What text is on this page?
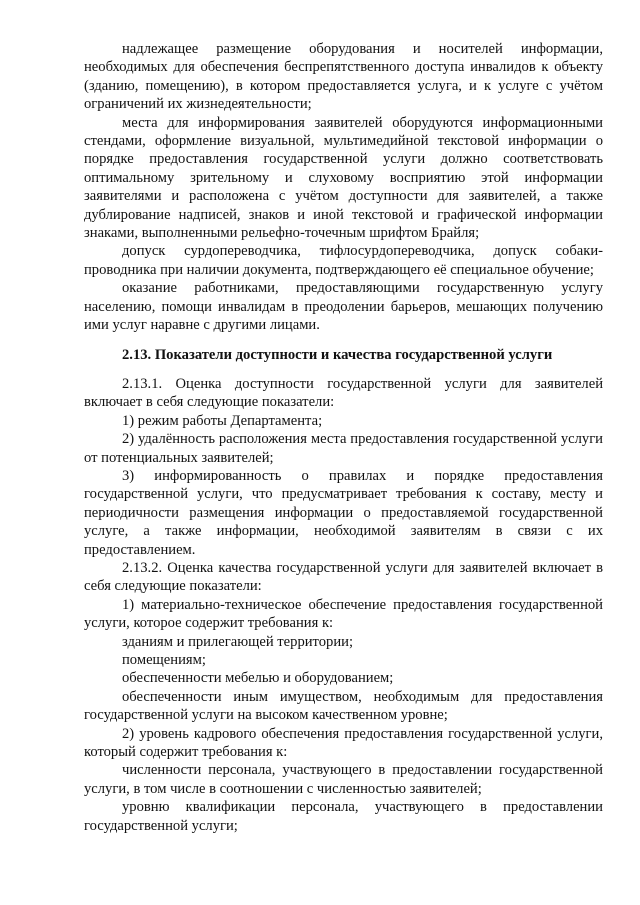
надлежащее размещение оборудования и носителей информации, необходимых для обеспечения беспрепятственного доступа инвалидов к объекту (зданию, помещению), в котором предоставляется услуга, и к услуге с учётом ограничений их жизнедеятельности;

места для информирования заявителей оборудуются информационными стендами, оформление визуальной, мультимедийной текстовой информации о порядке предоставления государственной услуги должно соответствовать оптимальному зрительному и слуховому восприятию этой информации заявителями и расположена с учётом доступности для заявителей, а также дублирование надписей, знаков и иной текстовой и графической информации знаками, выполненными рельефно-точечным шрифтом Брайля;

допуск сурдопереводчика, тифлосурдопереводчика, допуск собаки-проводника при наличии документа, подтверждающего её специальное обучение;

оказание работниками, предоставляющими государственную услугу населению, помощи инвалидам в преодолении барьеров, мешающих получению ими услуг наравне с другими лицами.

2.13. Показатели доступности и качества государственной услуги

2.13.1. Оценка доступности государственной услуги для заявителей включает в себя следующие показатели:

1) режим работы Департамента;

2) удалённость расположения места предоставления государственной услуги от потенциальных заявителей;

3) информированность о правилах и порядке предоставления государственной услуги, что предусматривает требования к составу, месту и периодичности размещения информации о предоставляемой государственной услуге, а также информации, необходимой заявителям в связи с их предоставлением.

2.13.2. Оценка качества государственной услуги для заявителей включает в себя следующие показатели:

1) материально-техническое обеспечение предоставления государственной услуги, которое содержит требования к:

зданиям и прилегающей территории;

помещениям;

обеспеченности мебелью и оборудованием;

обеспеченности иным имуществом, необходимым для предоставления государственной услуги на высоком качественном уровне;

2) уровень кадрового обеспечения предоставления государственной услуги, который содержит требования к:

численности персонала, участвующего в предоставлении государственной услуги, в том числе в соотношении с численностью заявителей;

уровню квалификации персонала, участвующего в предоставлении государственной услуги;
